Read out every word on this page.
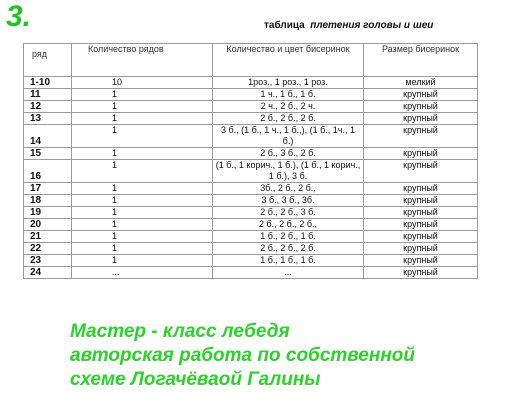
3.	таблица плетения головы и шеи
ряд	Количество рядов	Количество и цвет бисеринок	Размер бисеринок
1-10	10	1роз., 1 роз., 1 роз.	мелкий
11	1	1 ч., 1 б., 1 б.	крупный
12	1	2 ч., 2 б., 2 ч.	крупный
13	1	2 б., 2 б., 2 б.	крупный
14	1	3 б., (1 б., 1 ч., 1 б.,), (1 б., 1ч., 1 б.)	крупный
15	1	2 б., 3 б., 2 б.	крупный
16	1	(1 б., 1 корич., 1 б.), (1 б., 1 корич., 1 б.), 3 б.	крупный
17	1	3б., 2 б., 2 б.,	крупный
18	1	3 б., 3 б., 3б.	крупный
19	1	2 б., 2 б., 3 б.	крупный
20	1	2 б., 2 б., 2 б.,	крупный
21	1	1 б., 2 б., 1 б.	крупный
22	1	2 б., 2 б., 2 б.	крупный
23	1	1 б., 1 б., 1 б.	крупный
24	...	...	крупный
Мастер - класс лебедя
авторская работа по собственной
схеме Логачёваой Галины
